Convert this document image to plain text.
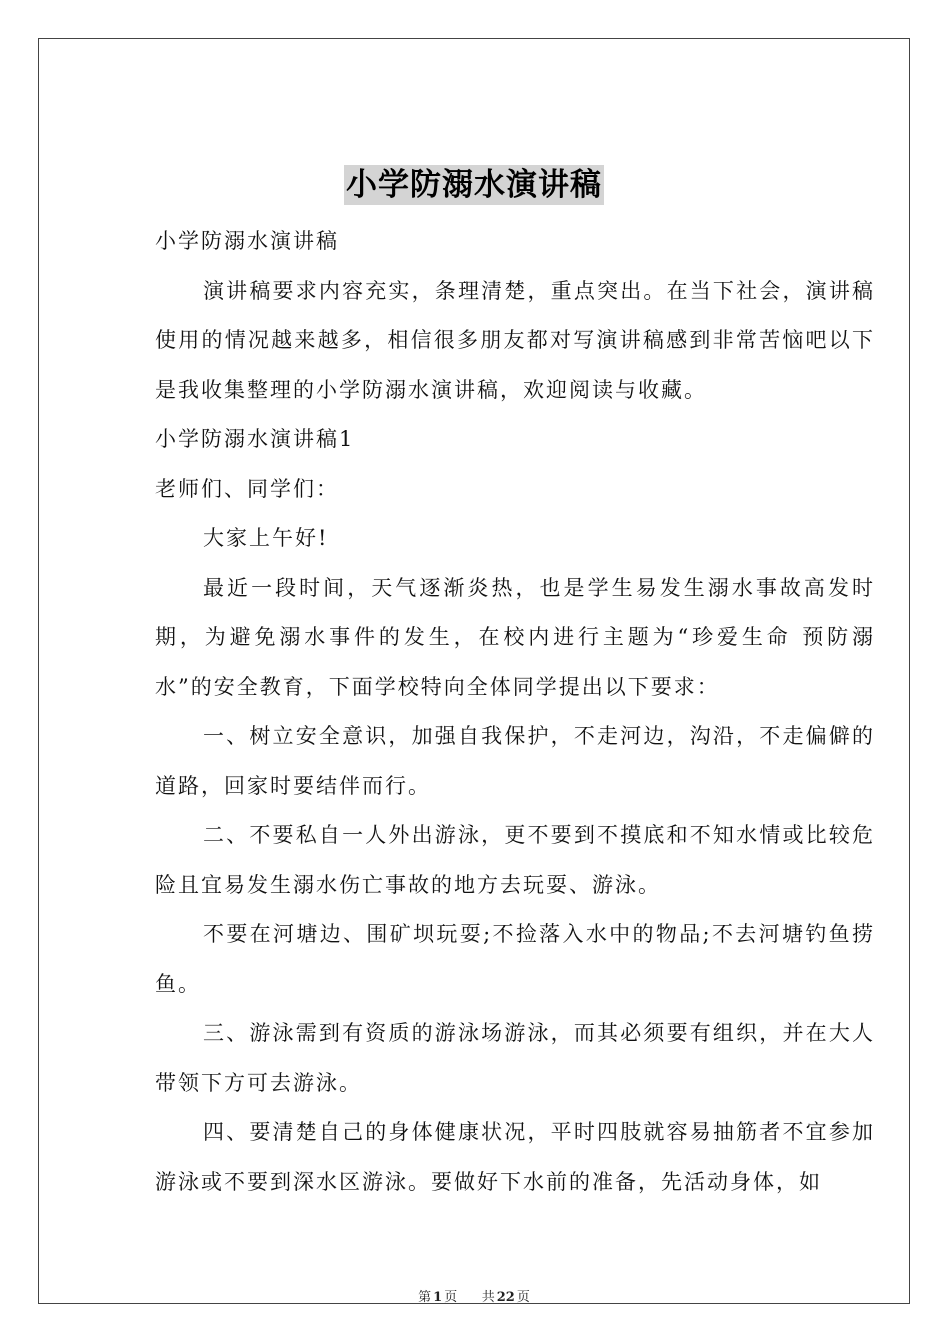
小学防溺水演讲稿

小学防溺水演讲稿

演讲稿要求内容充实，条理清楚，重点突出。在当下社会，演讲稿使用的情况越来越多，相信很多朋友都对写演讲稿感到非常苦恼吧以下是我收集整理的小学防溺水演讲稿，欢迎阅读与收藏。

小学防溺水演讲稿1

老师们、同学们：

大家上午好!

最近一段时间，天气逐渐炎热，也是学生易发生溺水事故高发时期，为避免溺水事件的发生，在校内进行主题为“珍爱生命 预防溺水”的安全教育，下面学校特向全体同学提出以下要求：

一、树立安全意识，加强自我保护，不走河边，沟沿，不走偏僻的道路，回家时要结伴而行。

二、不要私自一人外出游泳，更不要到不摸底和不知水情或比较危险且宜易发生溺水伤亡事故的地方去玩耍、游泳。

不要在河塘边、围矿坝玩耍;不捡落入水中的物品;不去河塘钓鱼捞鱼。

三、游泳需到有资质的游泳场游泳，而其必须要有组织，并在大人带领下方可去游泳。

四、要清楚自己的身体健康状况，平时四肢就容易抽筋者不宜参加游泳或不要到深水区游泳。要做好下水前的准备，先活动身体，如

第 1 页 共 22 页
